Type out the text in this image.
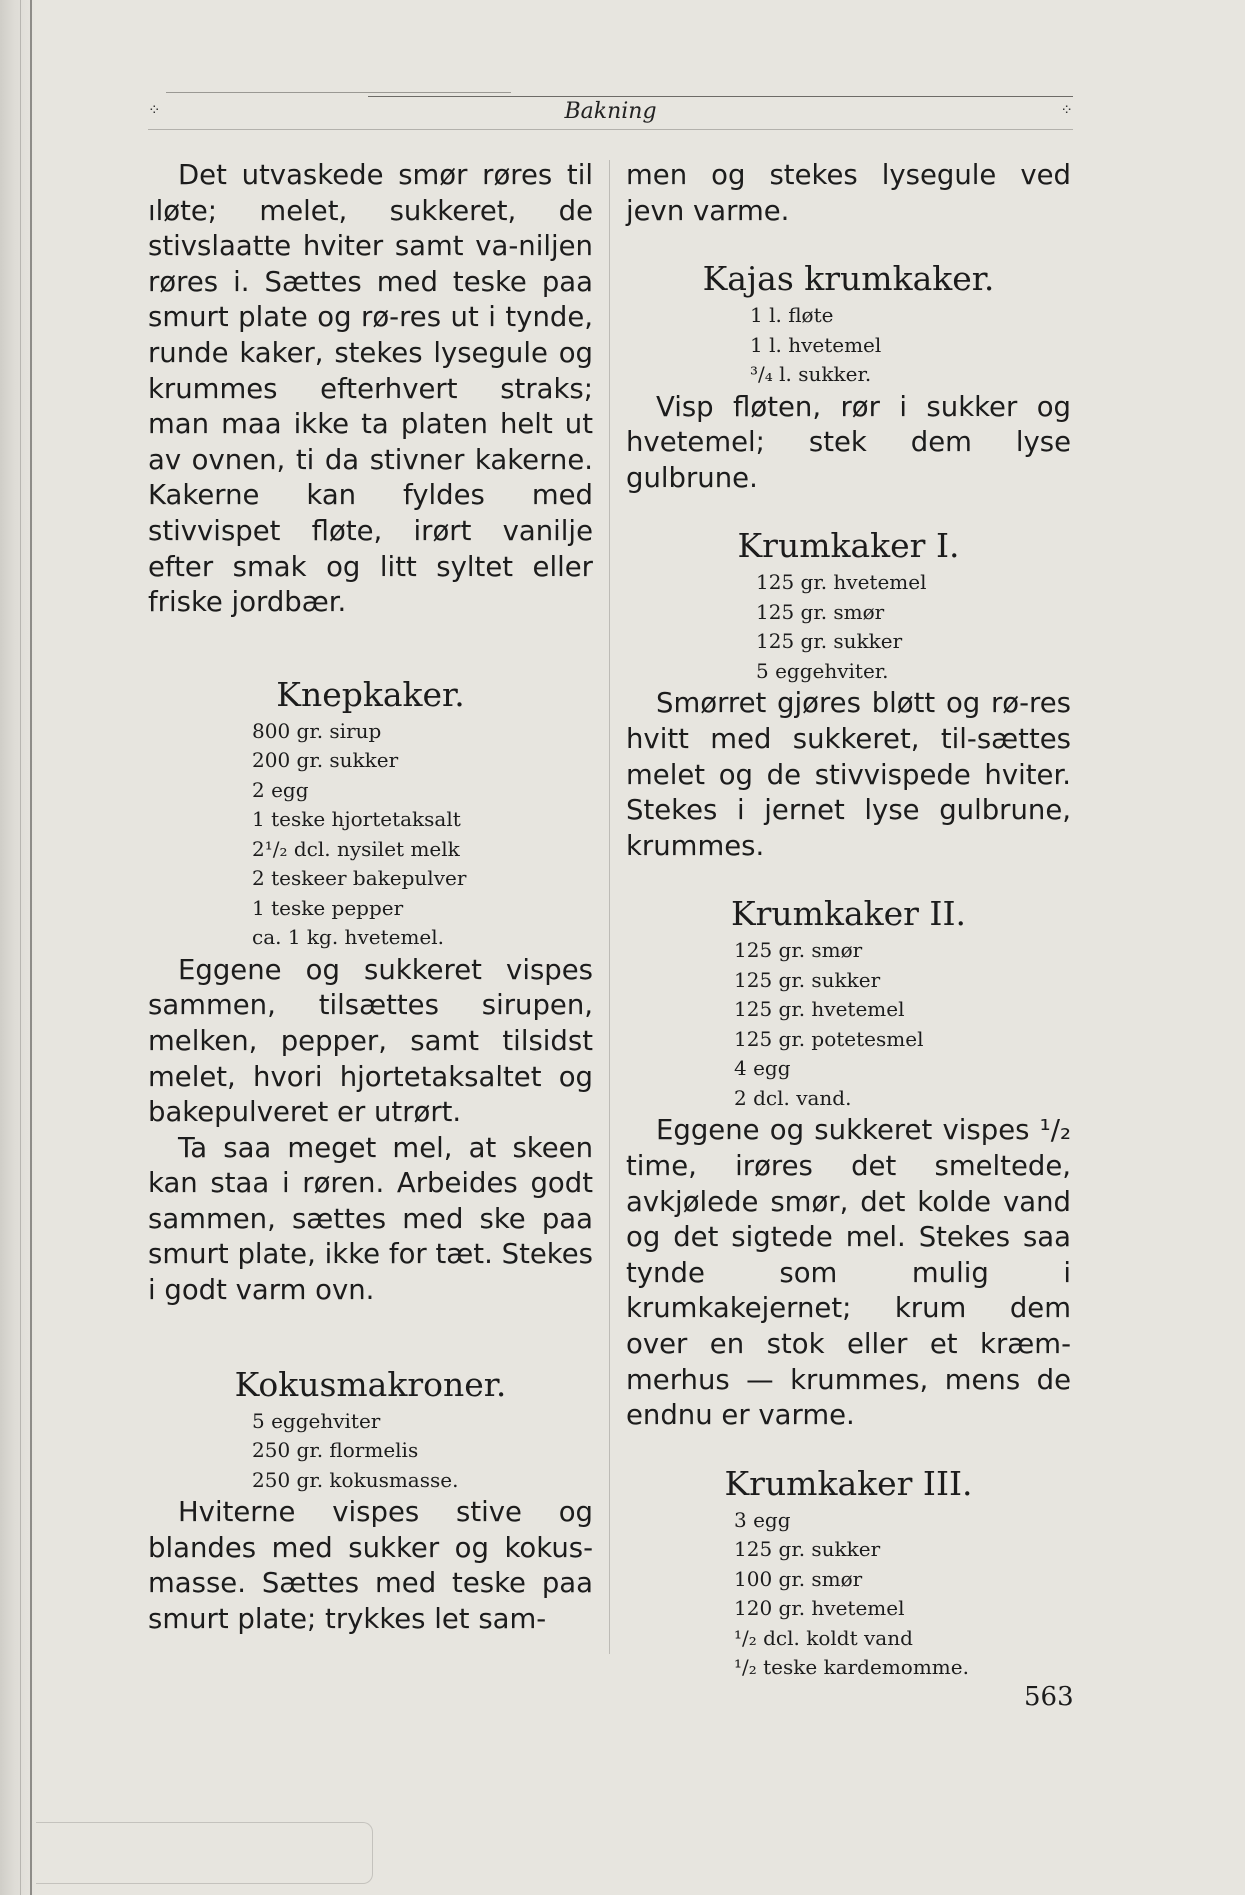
⁘	Bakning	⁘

Det utvaskede smør røres til ıløte; melet, sukkeret, de stivslaatte hviter samt va-niljen røres i. Sættes med teske paa smurt plate og rø-res ut i tynde, runde kaker, stekes lysegule og krummes efterhvert straks; man maa ikke ta platen helt ut av ovnen, ti da stivner kakerne. Kakerne kan fyldes med stivvispet fløte, irørt vanilje efter smak og litt syltet eller friske jordbær.

Knepkaker.
800 gr. sirup
200 gr. sukker
2 egg
1 teske hjortetaksalt
2¹/₂ dcl. nysilet melk
2 teskeer bakepulver
1 teske pepper
ca. 1 kg. hvetemel.

Eggene og sukkeret vispes sammen, tilsættes sirupen, melken, pepper, samt tilsidst melet, hvori hjortetaksaltet og bakepulveret er utrørt.

Ta saa meget mel, at skeen kan staa i røren. Arbeides godt sammen, sættes med ske paa smurt plate, ikke for tæt. Stekes i godt varm ovn.

Kokusmakroner.
5 eggehviter
250 gr. flormelis
250 gr. kokusmasse.

Hviterne vispes stive og blandes med sukker og kokus-masse. Sættes med teske paa smurt plate; trykkes let sam-

men og stekes lysegule ved jevn varme.

Kajas krumkaker.
1 l. fløte
1 l. hvetemel
³/₄ l. sukker.

Visp fløten, rør i sukker og hvetemel; stek dem lyse gulbrune.

Krumkaker I.
125 gr. hvetemel
125 gr. smør
125 gr. sukker
5 eggehviter.

Smørret gjøres bløtt og rø-res hvitt med sukkeret, til-sættes melet og de stivvispede hviter. Stekes i jernet lyse gulbrune, krummes.

Krumkaker II.
125 gr. smør
125 gr. sukker
125 gr. hvetemel
125 gr. potetesmel
4 egg
2 dcl. vand.

Eggene og sukkeret vispes ¹/₂ time, irøres det smeltede, avkjølede smør, det kolde vand og det sigtede mel. Stekes saa tynde som mulig i krumkakejernet; krum dem over en stok eller et kræm-merhus — krummes, mens de endnu er varme.

Krumkaker III.
3 egg
125 gr. sukker
100 gr. smør
120 gr. hvetemel
¹/₂ dcl. koldt vand
¹/₂ teske kardemomme.
563
